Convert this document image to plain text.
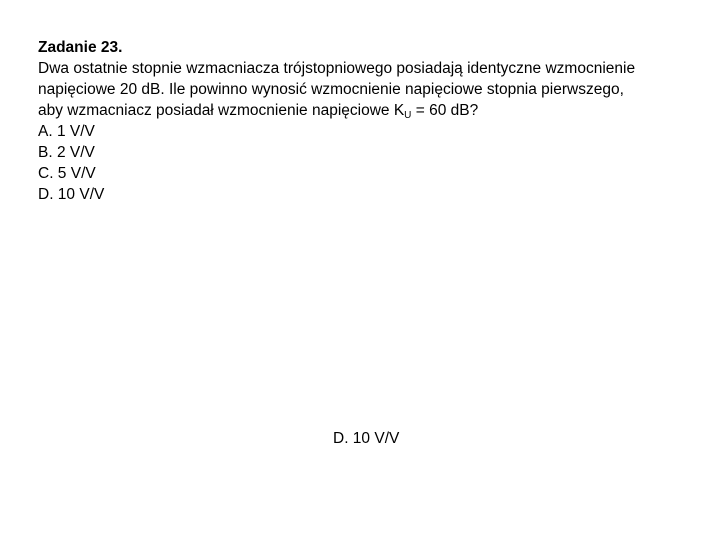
Zadanie 23.
Dwa ostatnie stopnie wzmacniacza trójstopniowego posiadają identyczne wzmocnienie
napięciowe 20 dB. Ile powinno wynosić wzmocnienie napięciowe stopnia pierwszego,
aby wzmacniacz posiadał wzmocnienie napięciowe $K_U = 60$ dB?
A. 1 V/V
B. 2 V/V
C. 5 V/V
D. 10 V/V
D. 10 V/V
